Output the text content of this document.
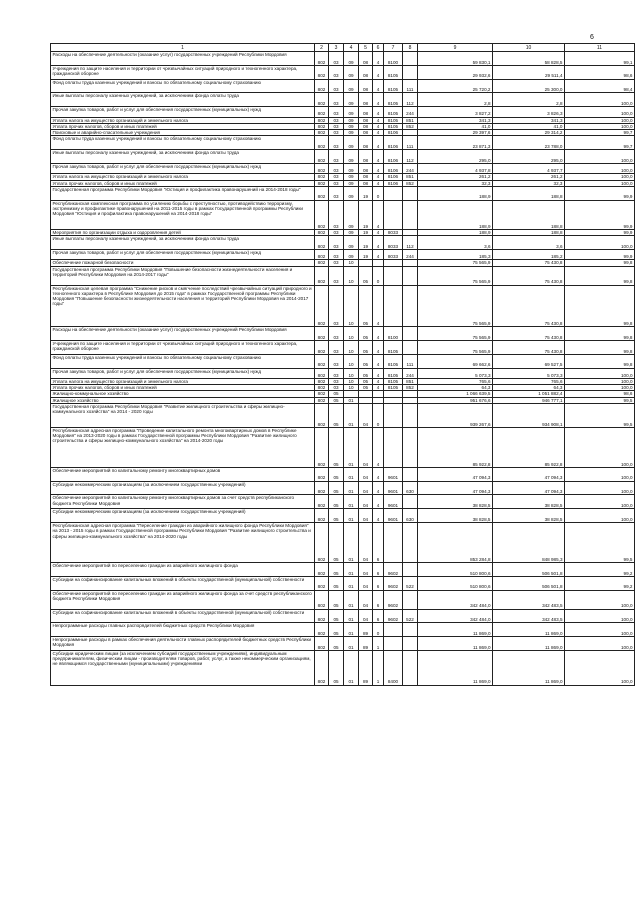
6
1	2	3	4	5	6	7	8	9	10	11
Расходы на обеспечение деятельности (оказание услуг) государственных учреждений Республики Мордовия	802	03	09	08	4	8100		59 830,1	58 828,5	99,1
Учреждения по защите населения и территории от чрезвычайных ситуаций природного и техногенного характера, гражданской обороне	802	03	09	08	4	8105		29 932,6	29 511,4	98,6
Фонд оплаты труда казенных учреждений и взносы по обязательному социальному страхованию	802	03	09	08	4	8105	111	25 720,2	25 300,0	98,4
Иные выплаты персоналу казенных учреждений, за исключением фонда оплаты труда	802	03	09	08	4	8105	112	2,8	2,8	100,0
Прочая закупка товаров, работ и услуг для обеспечения государственных (муниципальных) нужд	802	03	09	08	4	8105	244	3 827,2	3 826,3	100,0
Уплата налога на имущество организаций и земельного налога	802	03	09	08	4	8105	851	341,3	341,3	100,0
Уплата прочих налогов, сборов и иных платежей	802	03	09	08	4	8105	852	41,0	41,0	100,0
Поисковые и аварийно-спасательные учреждения	802	03	09	08	4	8106		29 397,6	29 314,2	99,7
Фонд оплаты труда казенных учреждений и взносы по обязательному социальному страхованию	802	03	09	08	4	8106	111	23 871,3	23 788,0	99,7
Иные выплаты персоналу казенных учреждений, за исключением фонда оплаты труда	802	03	09	08	4	8106	112	295,0	295,0	100,0
Прочая закупка товаров, работ и услуг для обеспечения государственных (муниципальных) нужд	802	03	09	08	4	8106	244	4 937,8	4 937,7	100,0
Уплата налога на имущество организаций и земельного налога	802	03	09	08	4	8106	851	261,2	261,2	100,0
Уплата прочих налогов, сборов и иных платежей	802	03	09	08	4	8106	852	32,3	32,3	100,0
Государственная программа Республики Мордовия "Юстиция и профилактика правонарушений на 2014-2018 годы"	802	03	09	19	0			188,9	188,8	99,9
Республиканская комплексная программа по усилению борьбы с преступностью, противодействию терроризму, экстремизму и профилактике правонарушений на 2011-2015 годы в рамках Государственной программы Республики Мордовия "Юстиция и профилактика правонарушений на 2014-2018 годы"	802	03	09	19	4			188,9	188,8	99,9
Мероприятия по организации отдыха и оздоровления детей	802	03	09	19	4	8033		188,9	188,8	99,9
Иные выплаты персоналу казенных учреждений, за исключением фонда оплаты труда	802	03	09	19	4	8033	112	3,6	3,6	100,0
Прочая закупка товаров, работ и услуг для обеспечения государственных (муниципальных) нужд	802	03	09	19	4	8033	244	185,3	185,2	99,9
Обеспечение пожарной безопасности	802	03	10					75 565,9	75 430,8	99,8
Государственная программа Республики Мордовия "Повышение безопасности жизнедеятельности населения и территорий Республики Мордовия на 2014-2017 годы"	802	03	10	05	0			75 565,9	75 430,8	99,8
Республиканская целевая программа "Снижение рисков и смягчение последствий чрезвычайных ситуаций природного и техногенного характера в Республике Мордовия до 2015 года" в рамках Государственной программы Республики Мордовия "Повышение безопасности жизнедеятельности населения и территорий Республики Мордовия на 2014-2017 годы"	802	03	10	05	4			75 565,9	75 430,8	99,8
Расходы на обеспечение деятельности (оказание услуг) государственных учреждений Республики Мордовия	802	03	10	05	4	8100		75 565,9	75 430,8	99,8
Учреждения по защите населения и территории от чрезвычайных ситуаций природного и техногенного характера, гражданской обороне	802	03	10	05	4	8105		75 565,9	75 430,8	99,8
Фонд оплаты труда казенных учреждений и взносы по обязательному социальному страхованию	802	03	10	05	4	8105	111	69 662,6	69 527,5	99,8
Прочая закупка товаров, работ и услуг для обеспечения государственных (муниципальных) нужд	802	03	10	05	4	8105	244	5 073,3	5 073,3	100,0
Уплата налога на имущество организаций и земельного налога	802	03	10	05	4	8105	851	765,6	765,6	100,0
Уплата прочих налогов, сборов и иных платежей	802	03	10	05	4	8105	852	64,3	64,3	100,0
Жилищно-коммунальное хозяйство	802	05						1 066 639,5	1 051 882,4	98,6
Жилищное хозяйство	802	05	01					951 676,6	946 777,1	99,5
Государственная программа Республики Мордовия "Развитие жилищного строительства и сферы жилищно-коммунального хозяйства" на 2014 - 2020 годы	802	05	01	04	0			939 267,6	934 908,1	99,5
Республиканская адресная программа "Проведение капитального ремонта многоквартирных домов в Республике Мордовия" на 2013-2020 годы в рамках Государственной программы Республики Мордовия "Развитие жилищного строительства и сферы жилищно-коммунального хозяйства" на 2014-2020 годы	802	05	01	04	4			85 922,8	85 922,8	100,0
Обеспечение мероприятий по капитальному ремонту многоквартирных домов	802	05	01	04	4	9601		47 094,3	47 094,3	100,0
Субсидии некоммерческим организациям (за исключением государственных учреждений)	802	05	01	04	4	9601	630	47 094,3	47 094,3	100,0
Обеспечение мероприятий по капитальному ремонту многоквартирных домов за счет средств республиканского бюджета Республики Мордовия	802	05	01	04	4	9601		38 828,5	38 828,5	100,0
Субсидии некоммерческим организациям (за исключением государственных учреждений)	802	05	01	04	4	9601	630	38 828,5	38 828,5	100,0
Республиканская адресная программа "Переселение граждан из аварийного жилищного фонда Республики Мордовия" на 2013 - 2015 годы в рамках Государственной программы Республики Мордовия "Развитие жилищного строительства и сферы жилищно-коммунального хозяйства" на 2014-2020 годы	802	05	01	04	6			853 284,8	848 985,3	99,5
Обеспечение мероприятий по переселению граждан из аварийного жилищного фонда	802	05	01	04	6	9602		510 800,6	506 501,8	99,2
Субсидии на софинансирование капитальных вложений в объекты государственной (муниципальной) собственности	802	05	01	04	6	9602	522	510 800,6	506 501,8	99,2
Обеспечение мероприятий по переселению граждан из аварийного жилищного фонда за счет средств республиканского бюджета Республики Мордовия	802	05	01	04	6	9602		342 484,0	342 483,5	100,0
Субсидии на софинансирование капитальных вложений в объекты государственной (муниципальной) собственности	802	05	01	04	6	9602	522	342 484,0	342 483,5	100,0
Непрограммные расходы главных распорядителей бюджетных средств Республики Мордовия	802	05	01	89	0			11 869,0	11 869,0	100,0
Непрограммные расходы в рамках обеспечения деятельности главных распорядителей бюджетных средств Республики Мордовия	802	05	01	89	1			11 869,0	11 869,0	100,0
Субсидии юридическим лицам (за исключением субсидий государственным учреждениям), индивидуальным предпринимателям, физическим лицам - производителям товаров, работ, услуг, а также некоммерческим организациям, не являющимся государственными (муниципальными) учреждениями	802	05	01	89	1	8400		11 869,0	11 869,0	100,0
